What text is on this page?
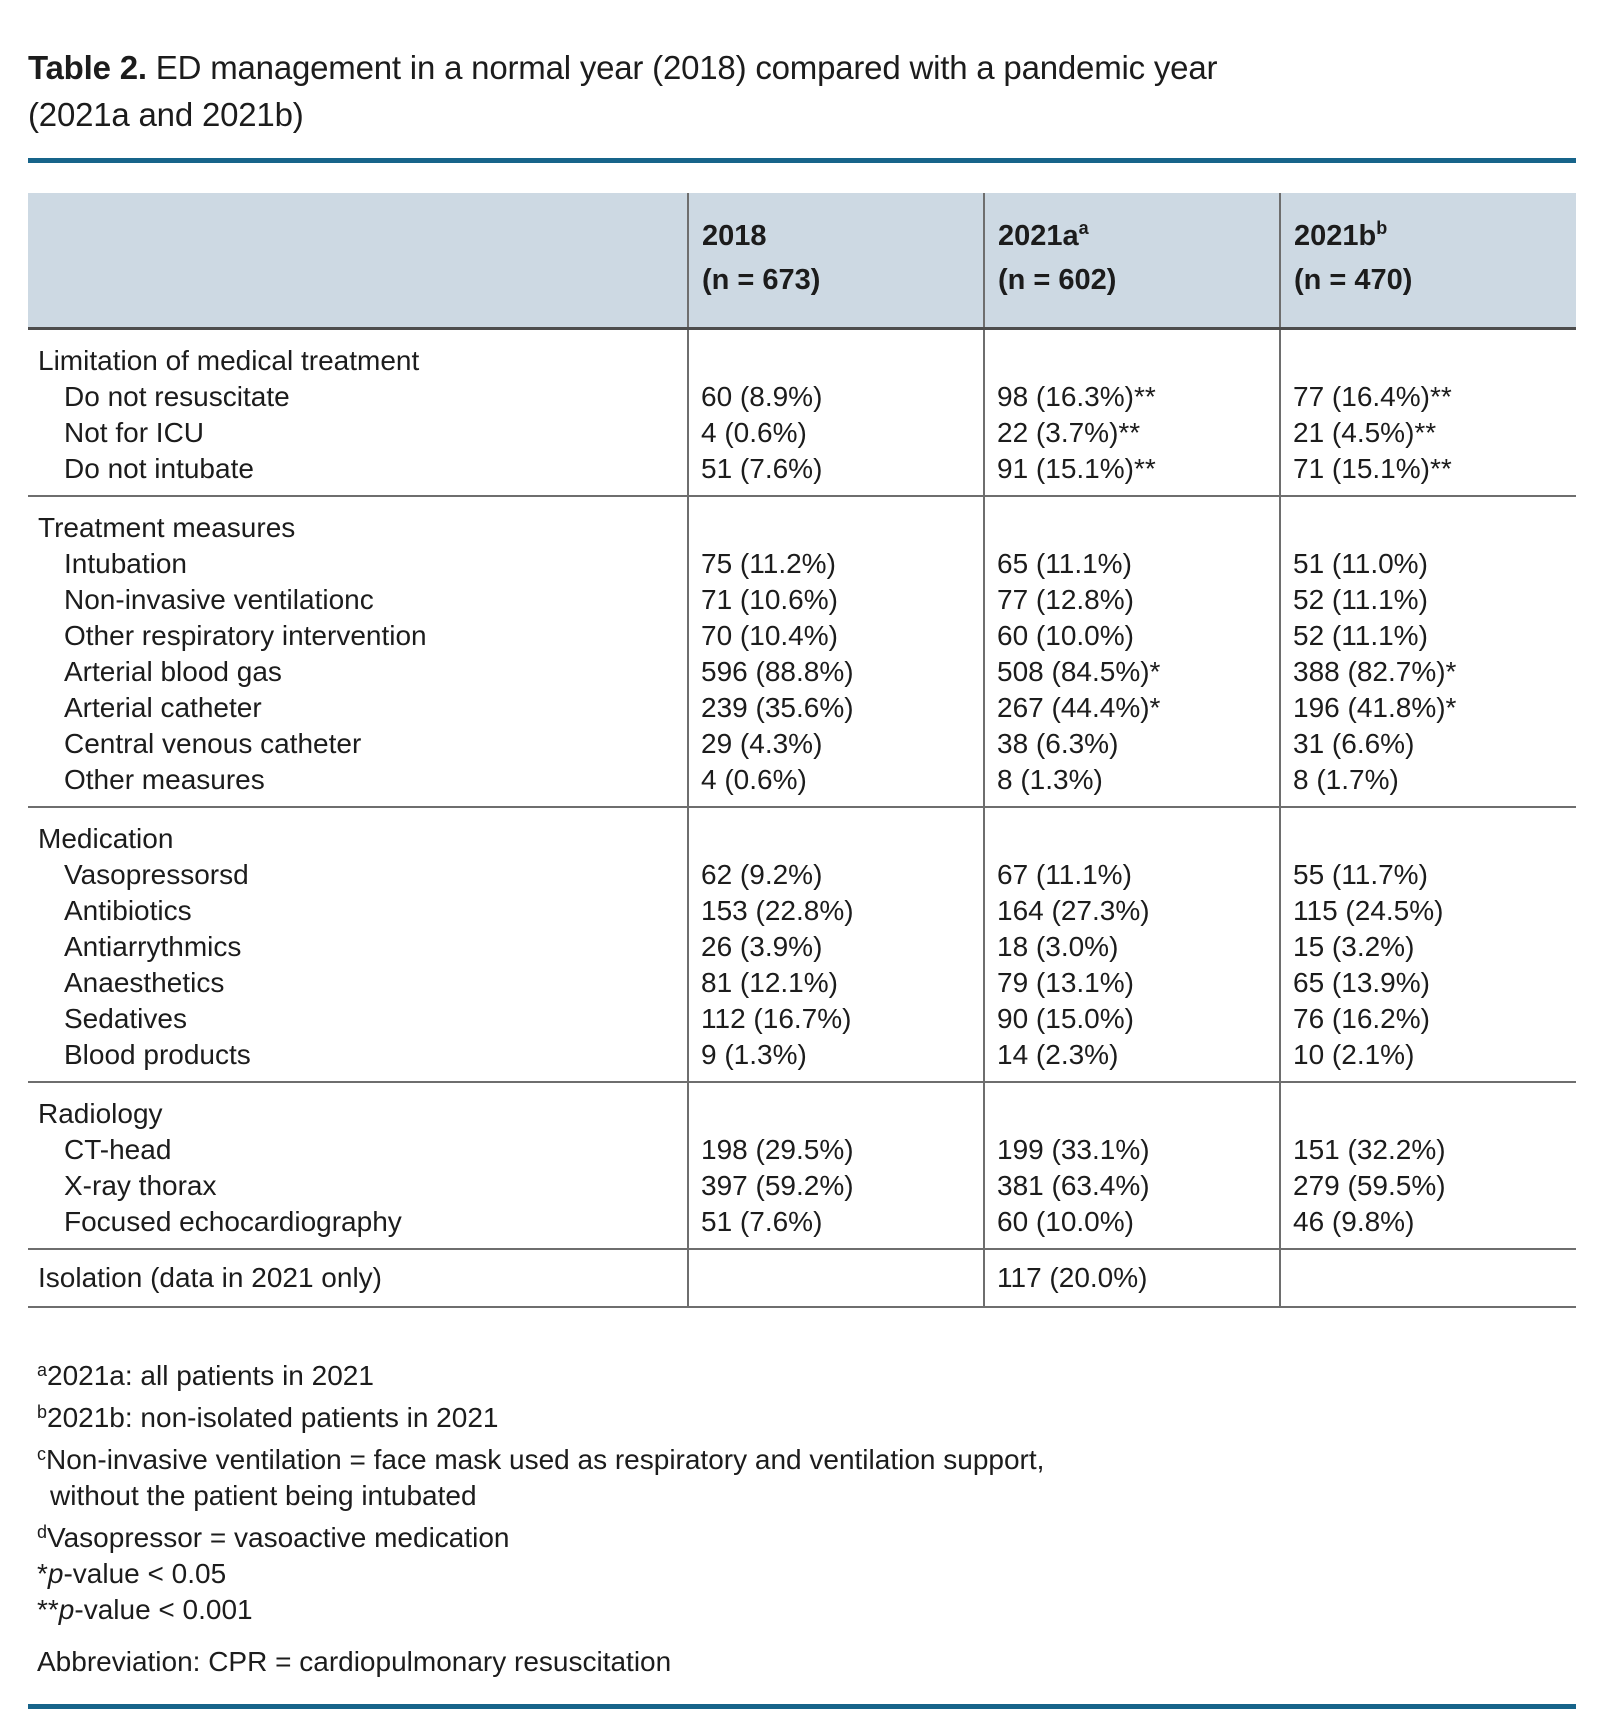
Table 2. ED management in a normal year (2018) compared with a pandemic year
(2021a and 2021b)

2018
(n = 673)

$2021a^a$
(n = 602)

$2021b^b$
(n = 470)

Limitation of medical treatment			
Do not resuscitate	60 (8.9%)	98 (16.3%)**	77 (16.4%)**
Not for ICU	4 (0.6%)	22 (3.7%)**	21 (4.5%)**
Do not intubate	51 (7.6%)	91 (15.1%)**	71 (15.1%)**
Treatment measures			
Intubation	75 (11.2%)	65 (11.1%)	51 (11.0%)
Non-invasive ventilationc	71 (10.6%)	77 (12.8%)	52 (11.1%)
Other respiratory intervention	70 (10.4%)	60 (10.0%)	52 (11.1%)
Arterial blood gas	596 (88.8%)	508 (84.5%)*	388 (82.7%)*
Arterial catheter	239 (35.6%)	267 (44.4%)*	196 (41.8%)*
Central venous catheter	29 (4.3%)	38 (6.3%)	31 (6.6%)
Other measures	4 (0.6%)	8 (1.3%)	8 (1.7%)
Medication			
Vasopressorsd	62 (9.2%)	67 (11.1%)	55 (11.7%)
Antibiotics	153 (22.8%)	164 (27.3%)	115 (24.5%)
Antiarrythmics	26 (3.9%)	18 (3.0%)	15 (3.2%)
Anaesthetics	81 (12.1%)	79 (13.1%)	65 (13.9%)
Sedatives	112 (16.7%)	90 (15.0%)	76 (16.2%)
Blood products	9 (1.3%)	14 (2.3%)	10 (2.1%)
Radiology			
CT-head	198 (29.5%)	199 (33.1%)	151 (32.2%)
X-ray thorax	397 (59.2%)	381 (63.4%)	279 (59.5%)
Focused echocardiography	51 (7.6%)	60 (10.0%)	46 (9.8%)
Isolation (data in 2021 only)		117 (20.0%)	
$^a$2021a: all patients in 2021
$^b$2021b: non-isolated patients in 2021
$^c$Non-invasive ventilation = face mask used as respiratory and ventilation support,
without the patient being intubated
$^d$Vasopressor = vasoactive medication
*p-value < 0.05
**p-value < 0.001
Abbreviation: CPR = cardiopulmonary resuscitation
